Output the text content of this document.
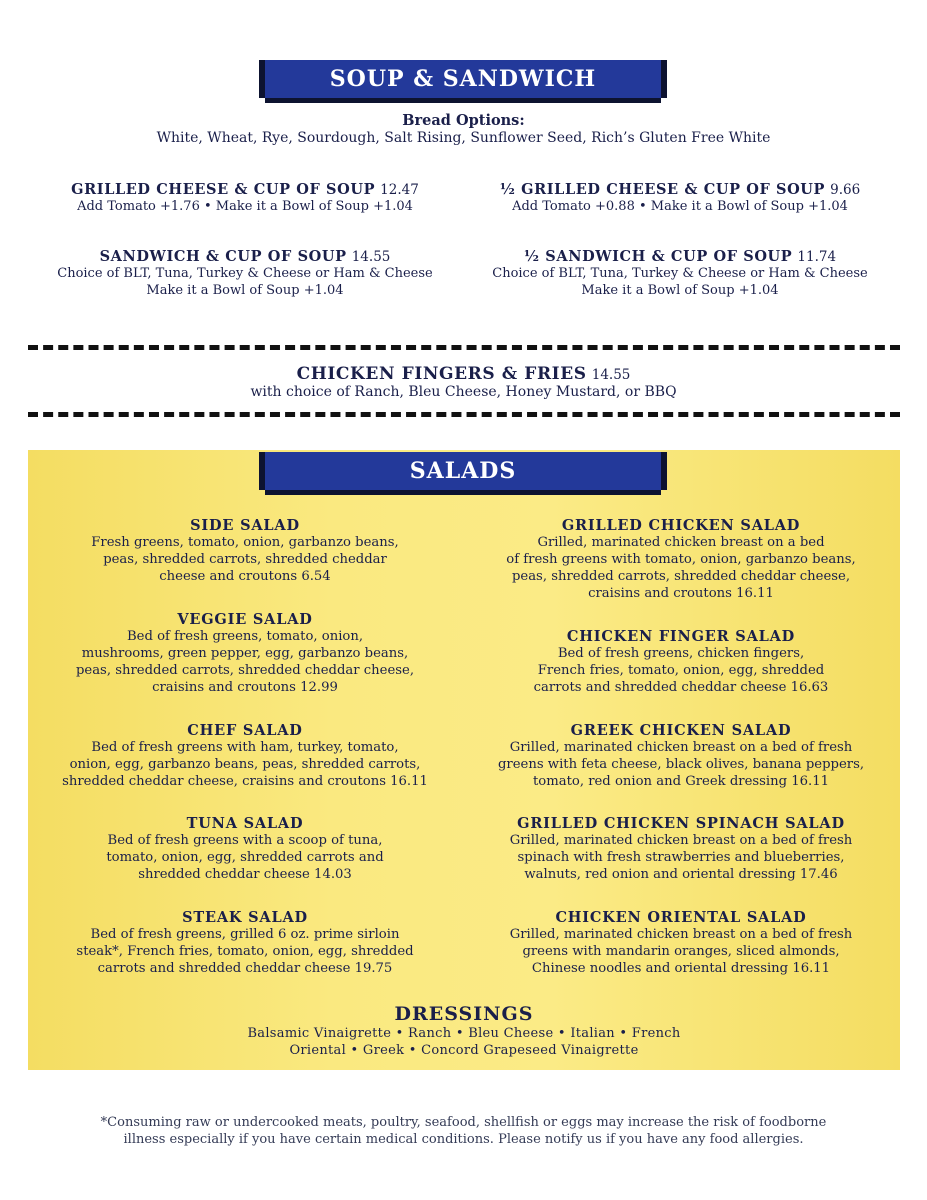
SOUP & SANDWICH
Bread Options:
White, Wheat, Rye, Sourdough, Salt Rising, Sunflower Seed, Rich’s Gluten Free White
GRILLED CHEESE & CUP OF SOUP 12.47
Add Tomato +1.76 • Make it a Bowl of Soup +1.04
½ GRILLED CHEESE & CUP OF SOUP 9.66
Add Tomato +0.88 • Make it a Bowl of Soup +1.04
SANDWICH & CUP OF SOUP 14.55
Choice of BLT, Tuna, Turkey & Cheese or Ham & Cheese
Make it a Bowl of Soup +1.04
½ SANDWICH & CUP OF SOUP 11.74
Choice of BLT, Tuna, Turkey & Cheese or Ham & Cheese
Make it a Bowl of Soup +1.04
CHICKEN FINGERS & FRIES 14.55
with choice of Ranch, Bleu Cheese, Honey Mustard, or BBQ
SALADS
SIDE SALAD
Fresh greens, tomato, onion, garbanzo beans,
peas, shredded carrots, shredded cheddar
cheese and croutons 6.54
VEGGIE SALAD
Bed of fresh greens, tomato, onion,
mushrooms, green pepper, egg, garbanzo beans,
peas, shredded carrots, shredded cheddar cheese,
craisins and croutons 12.99
CHEF SALAD
Bed of fresh greens with ham, turkey, tomato,
onion, egg, garbanzo beans, peas, shredded carrots,
shredded cheddar cheese, craisins and croutons 16.11
TUNA SALAD
Bed of fresh greens with a scoop of tuna,
tomato, onion, egg, shredded carrots and
shredded cheddar cheese 14.03
STEAK SALAD
Bed of fresh greens, grilled 6 oz. prime sirloin
steak*, French fries, tomato, onion, egg, shredded
carrots and shredded cheddar cheese 19.75
GRILLED CHICKEN SALAD
Grilled, marinated chicken breast on a bed
of fresh greens with tomato, onion, garbanzo beans,
peas, shredded carrots, shredded cheddar cheese,
craisins and croutons 16.11
CHICKEN FINGER SALAD
Bed of fresh greens, chicken fingers,
French fries, tomato, onion, egg, shredded
carrots and shredded cheddar cheese 16.63
GREEK CHICKEN SALAD
Grilled, marinated chicken breast on a bed of fresh
greens with feta cheese, black olives, banana peppers,
tomato, red onion and Greek dressing 16.11
GRILLED CHICKEN SPINACH SALAD
Grilled, marinated chicken breast on a bed of fresh
spinach with fresh strawberries and blueberries,
walnuts, red onion and oriental dressing 17.46
CHICKEN ORIENTAL SALAD
Grilled, marinated chicken breast on a bed of fresh
greens with mandarin oranges, sliced almonds,
Chinese noodles and oriental dressing 16.11
DRESSINGS
Balsamic Vinaigrette • Ranch • Bleu Cheese • Italian • French
Oriental • Greek • Concord Grapeseed Vinaigrette
*Consuming raw or undercooked meats, poultry, seafood, shellfish or eggs may increase the risk of foodborne
illness especially if you have certain medical conditions. Please notify us if you have any food allergies.
